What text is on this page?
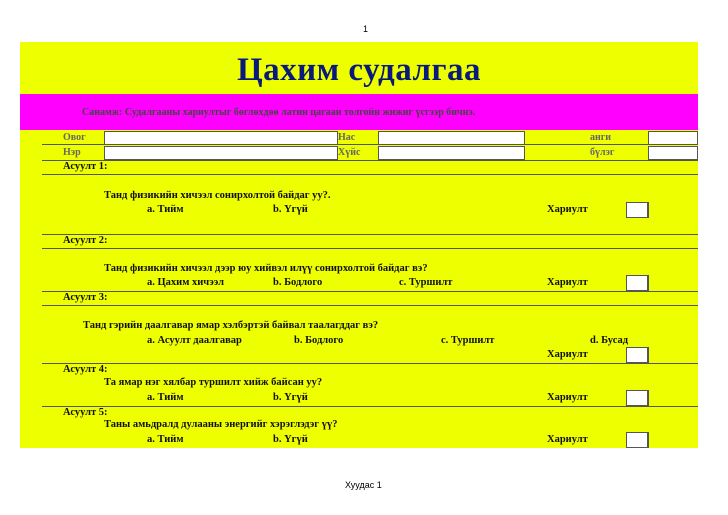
1
Цахим судалгаа
Санамж: Судалгааны хариултыг бөглөхдөө латин цагаан толгойн жижиг үсгээр бичнэ.
Овог	Нас	анги
Нэр	Хүйс	бүлэг
Асуулт 1:
Танд физикийн хичээл сонирхолтой байдаг уу?.
a. Тийм	b. Үгүй	Хариулт
Асуулт 2:
Танд физикийн хичээл дээр юу хийвэл илүү сонирхолтой байдаг вэ?
a. Цахим хичээл	b. Бодлого	c. Туршилт	Хариулт
Асуулт 3:
Танд гэрийн даалгавар ямар хэлбэртэй байвал таалагддаг вэ?
a. Асуулт даалгавар	b. Бодлого	c. Туршилт	d. Бусад
Хариулт
Асуулт 4:
Та ямар нэг хялбар туршилт хийж байсан уу?
a. Тийм	b. Үгүй	Хариулт
Асуулт 5:
Таны амьдралд дулааны энергийг хэрэглэдэг үү?
a. Тийм	b. Үгүй	Хариулт
Хуудас 1
